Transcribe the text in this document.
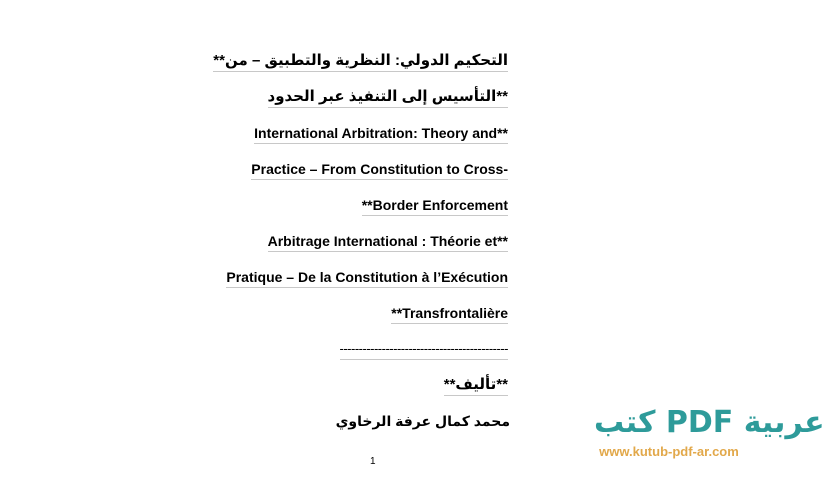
**التحكيم الدولي: النظرية والتطبيق – من
التأسيس إلى التنفيذ عبر الحدود**
International Arbitration: Theory and**
Practice – From Constitution to Cross-
**Border Enforcement
Arbitrage International : Théorie et**
Pratique – De la Constitution à l’Exécution
**Transfrontalière
--------------------------------------------
**تأليف**
محمد كمال عرفة الرخاوي
1
كتب PDF عربية
www.kutub-pdf-ar.com
